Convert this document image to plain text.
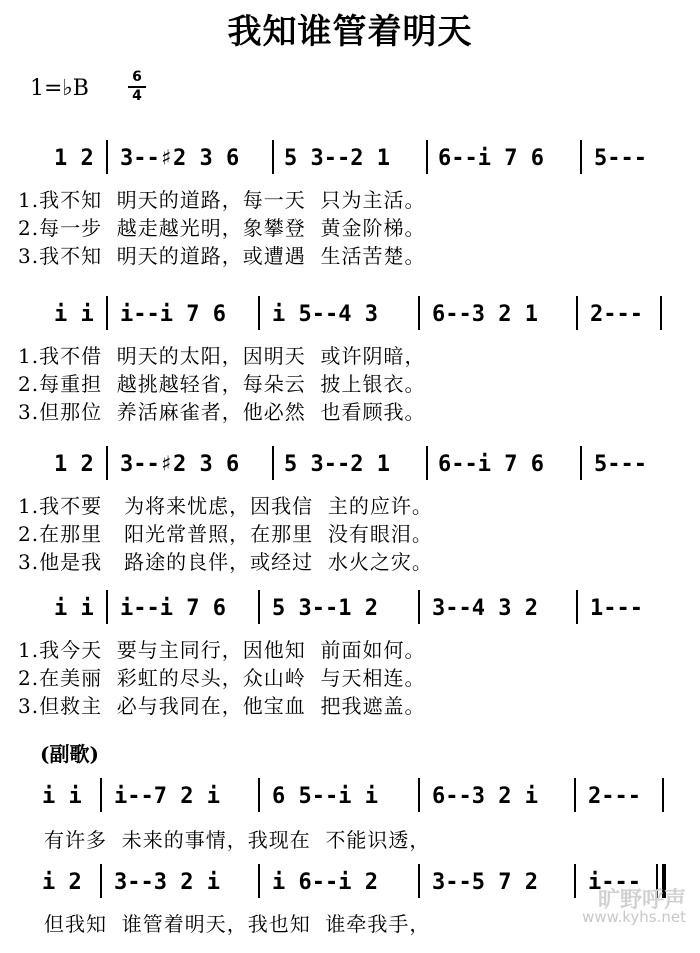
我知谁管着明天
1=♭B	6
4
1 2 3--♯2 3 6 5 3--2 1 6--i 7 6 5---
1.我不知  明天的道路，每一天  只为主活。
2.每一步  越走越光明，象攀登  黄金阶梯。
3.我不知  明天的道路，或遭遇  生活苦楚。
i i i--i 7 6 i 5--4 3 6--3 2 1 2---
1.我不借  明天的太阳，因明天  或许阴暗，
2.每重担  越挑越轻省，每朵云  披上银衣。
3.但那位  养活麻雀者，他必然  也看顾我。
1 2 3--♯2 3 6 5 3--2 1 6--i 7 6 5---
1.我不要   为将来忧虑，因我信  主的应许。
2.在那里   阳光常普照，在那里  没有眼泪。
3.他是我   路途的良伴，或经过  水火之灾。
i i i--i 7 6 5 3--1 2 3--4 3 2 1---
1.我今天  要与主同行，因他知  前面如何。
2.在美丽  彩虹的尽头，众山岭  与天相连。
3.但救主  必与我同在，他宝血  把我遮盖。
(副歌)
i i i--7 2 i 6 5--i i 6--3 2 i 2---
有许多  未来的事情，我现在  不能识透，
i 2 3--3 2 i i 6--i 2 3--5 7 2 i---
但我知  谁管着明天，我也知  谁牵我手，
旷野呼声
www.kyhs.net
